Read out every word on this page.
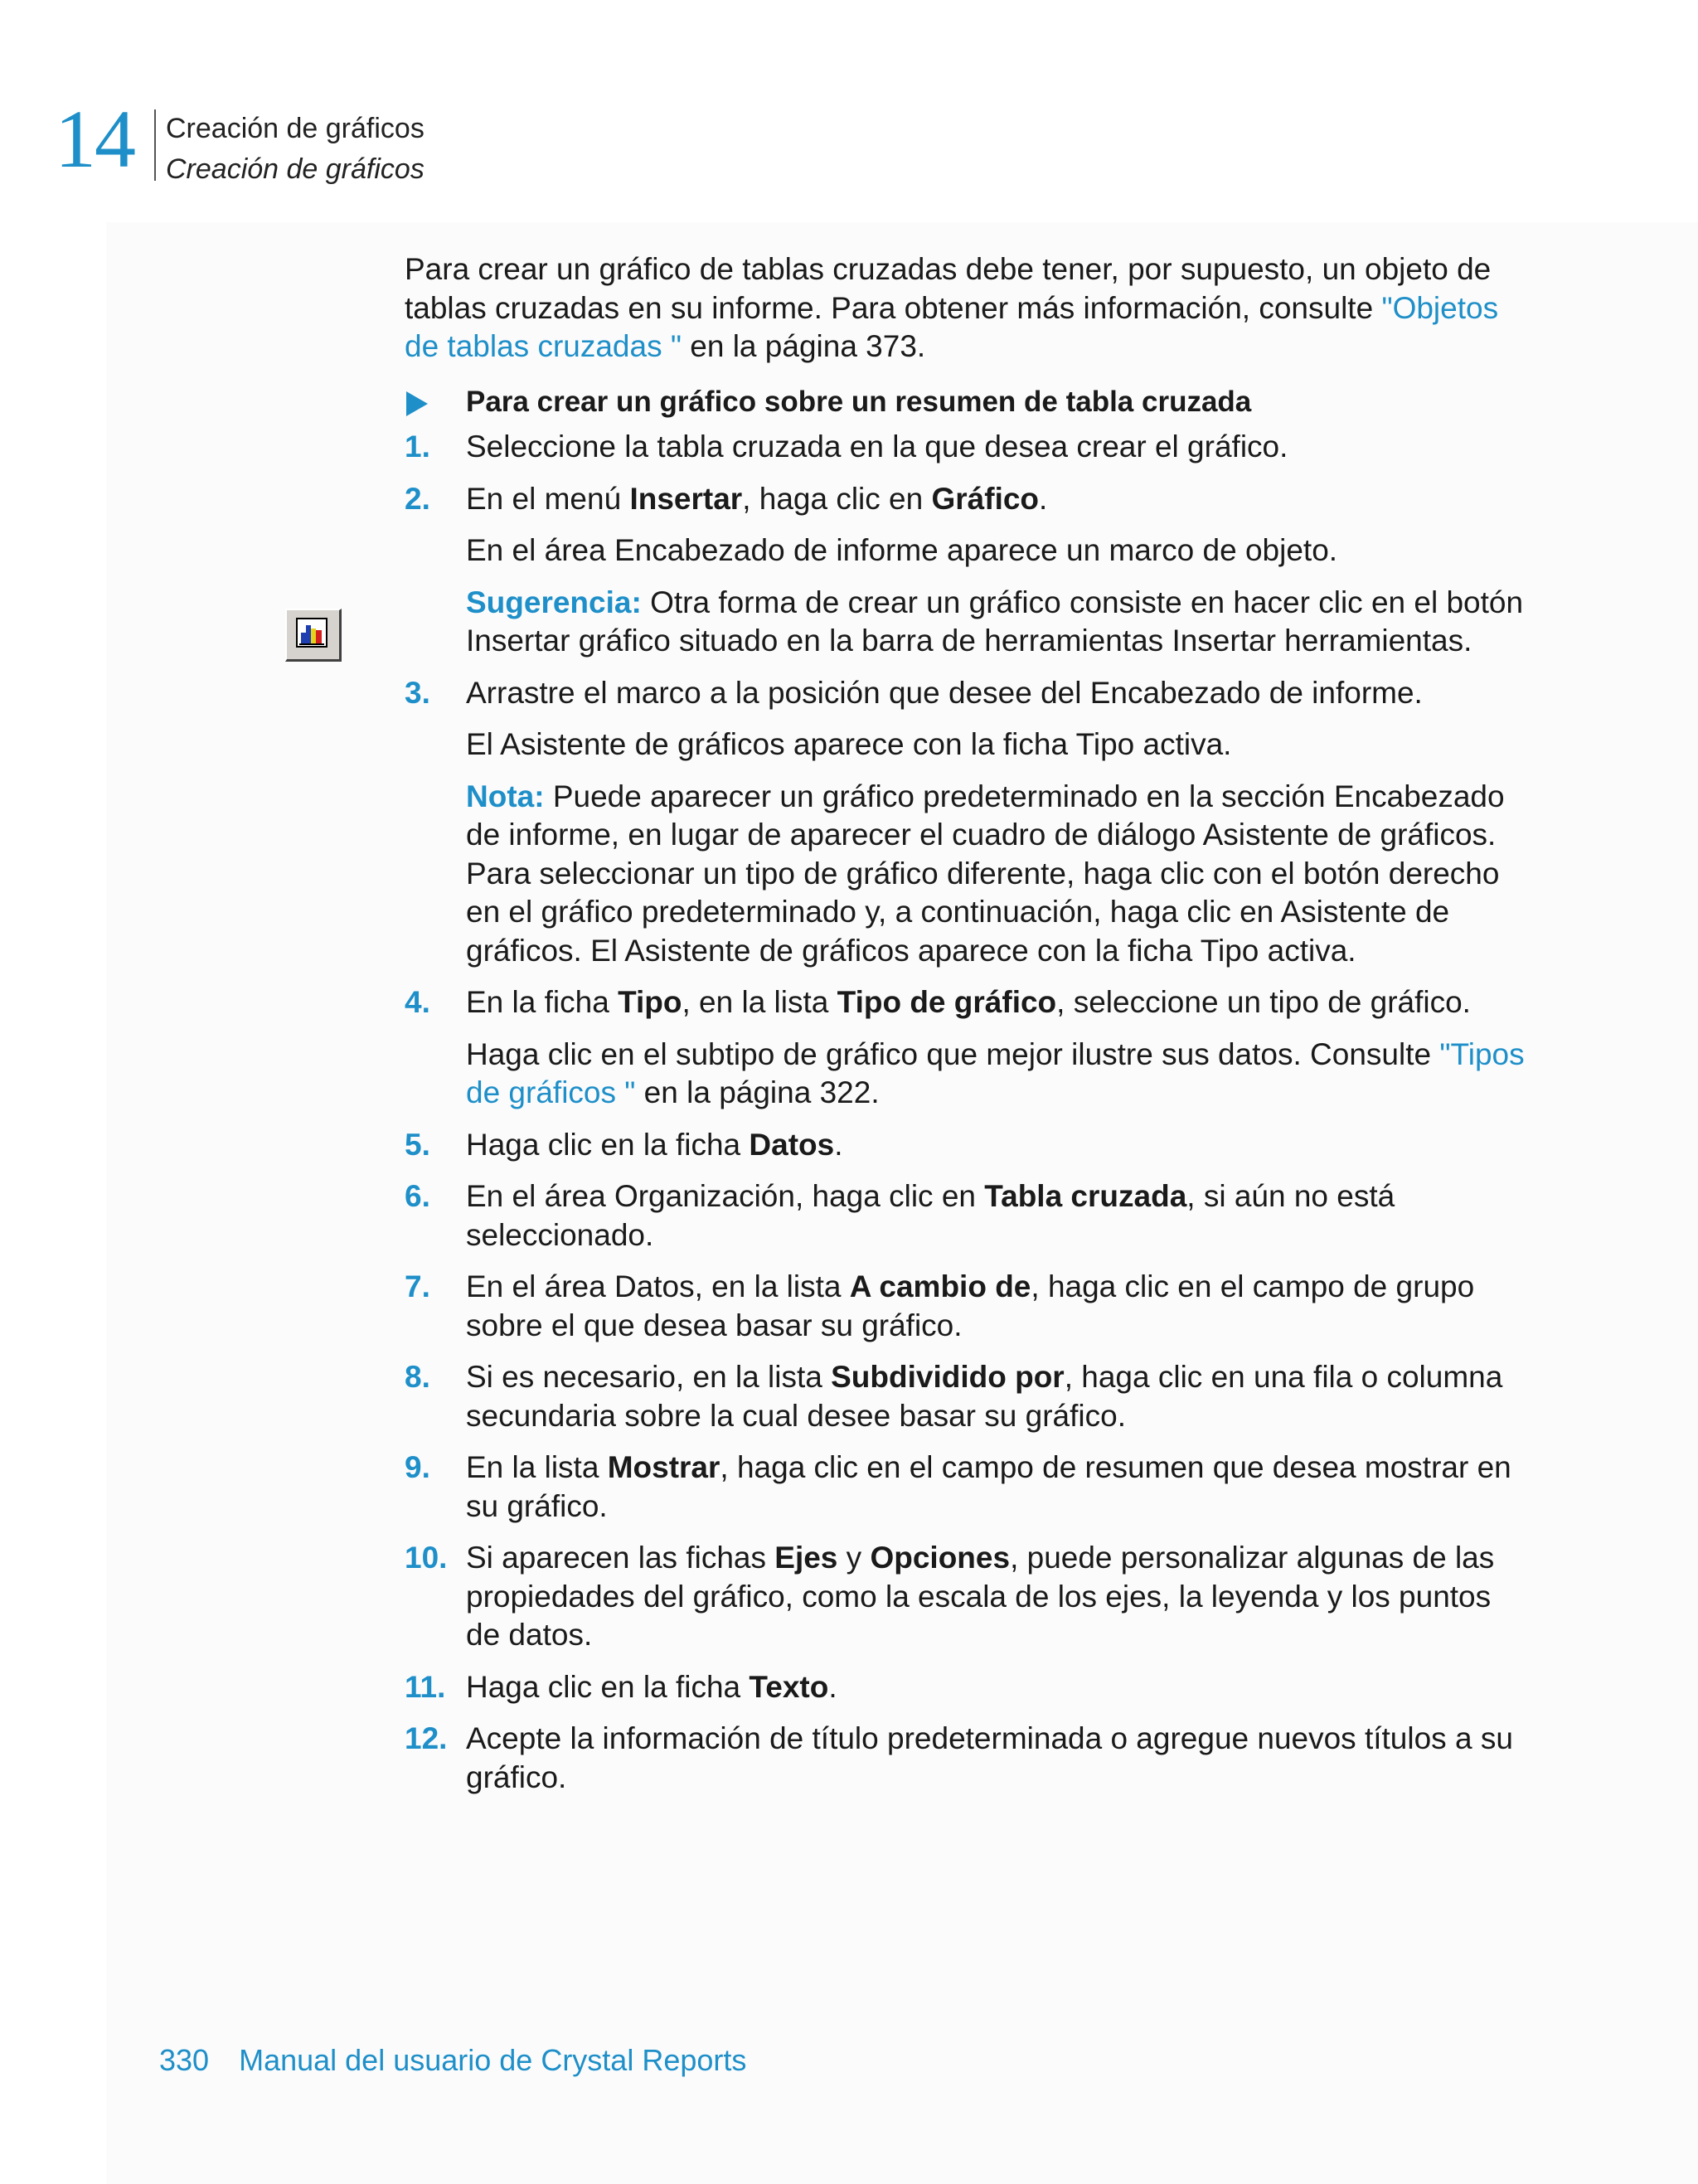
14 Creación de gráficos
Creación de gráficos

Para crear un gráfico de tablas cruzadas debe tener, por supuesto, un objeto de tablas cruzadas en su informe. Para obtener más información, consulte "Objetos de tablas cruzadas " en la página 373.

Para crear un gráfico sobre un resumen de tabla cruzada
1. Seleccione la tabla cruzada en la que desea crear el gráfico.
2. En el menú Insertar, haga clic en Gráfico.
En el área Encabezado de informe aparece un marco de objeto.
Sugerencia: Otra forma de crear un gráfico consiste en hacer clic en el botón Insertar gráfico situado en la barra de herramientas Insertar herramientas.
3. Arrastre el marco a la posición que desee del Encabezado de informe.
El Asistente de gráficos aparece con la ficha Tipo activa.
Nota: Puede aparecer un gráfico predeterminado en la sección Encabezado de informe, en lugar de aparecer el cuadro de diálogo Asistente de gráficos. Para seleccionar un tipo de gráfico diferente, haga clic con el botón derecho en el gráfico predeterminado y, a continuación, haga clic en Asistente de gráficos. El Asistente de gráficos aparece con la ficha Tipo activa.
4. En la ficha Tipo, en la lista Tipo de gráfico, seleccione un tipo de gráfico.
Haga clic en el subtipo de gráfico que mejor ilustre sus datos. Consulte "Tipos de gráficos " en la página 322.
5. Haga clic en la ficha Datos.
6. En el área Organización, haga clic en Tabla cruzada, si aún no está seleccionado.
7. En el área Datos, en la lista A cambio de, haga clic en el campo de grupo sobre el que desea basar su gráfico.
8. Si es necesario, en la lista Subdividido por, haga clic en una fila o columna secundaria sobre la cual desee basar su gráfico.
9. En la lista Mostrar, haga clic en el campo de resumen que desea mostrar en su gráfico.
10. Si aparecen las fichas Ejes y Opciones, puede personalizar algunas de las propiedades del gráfico, como la escala de los ejes, la leyenda y los puntos de datos.
11. Haga clic en la ficha Texto.
12. Acepte la información de título predeterminada o agregue nuevos títulos a su gráfico.
330 Manual del usuario de Crystal Reports
